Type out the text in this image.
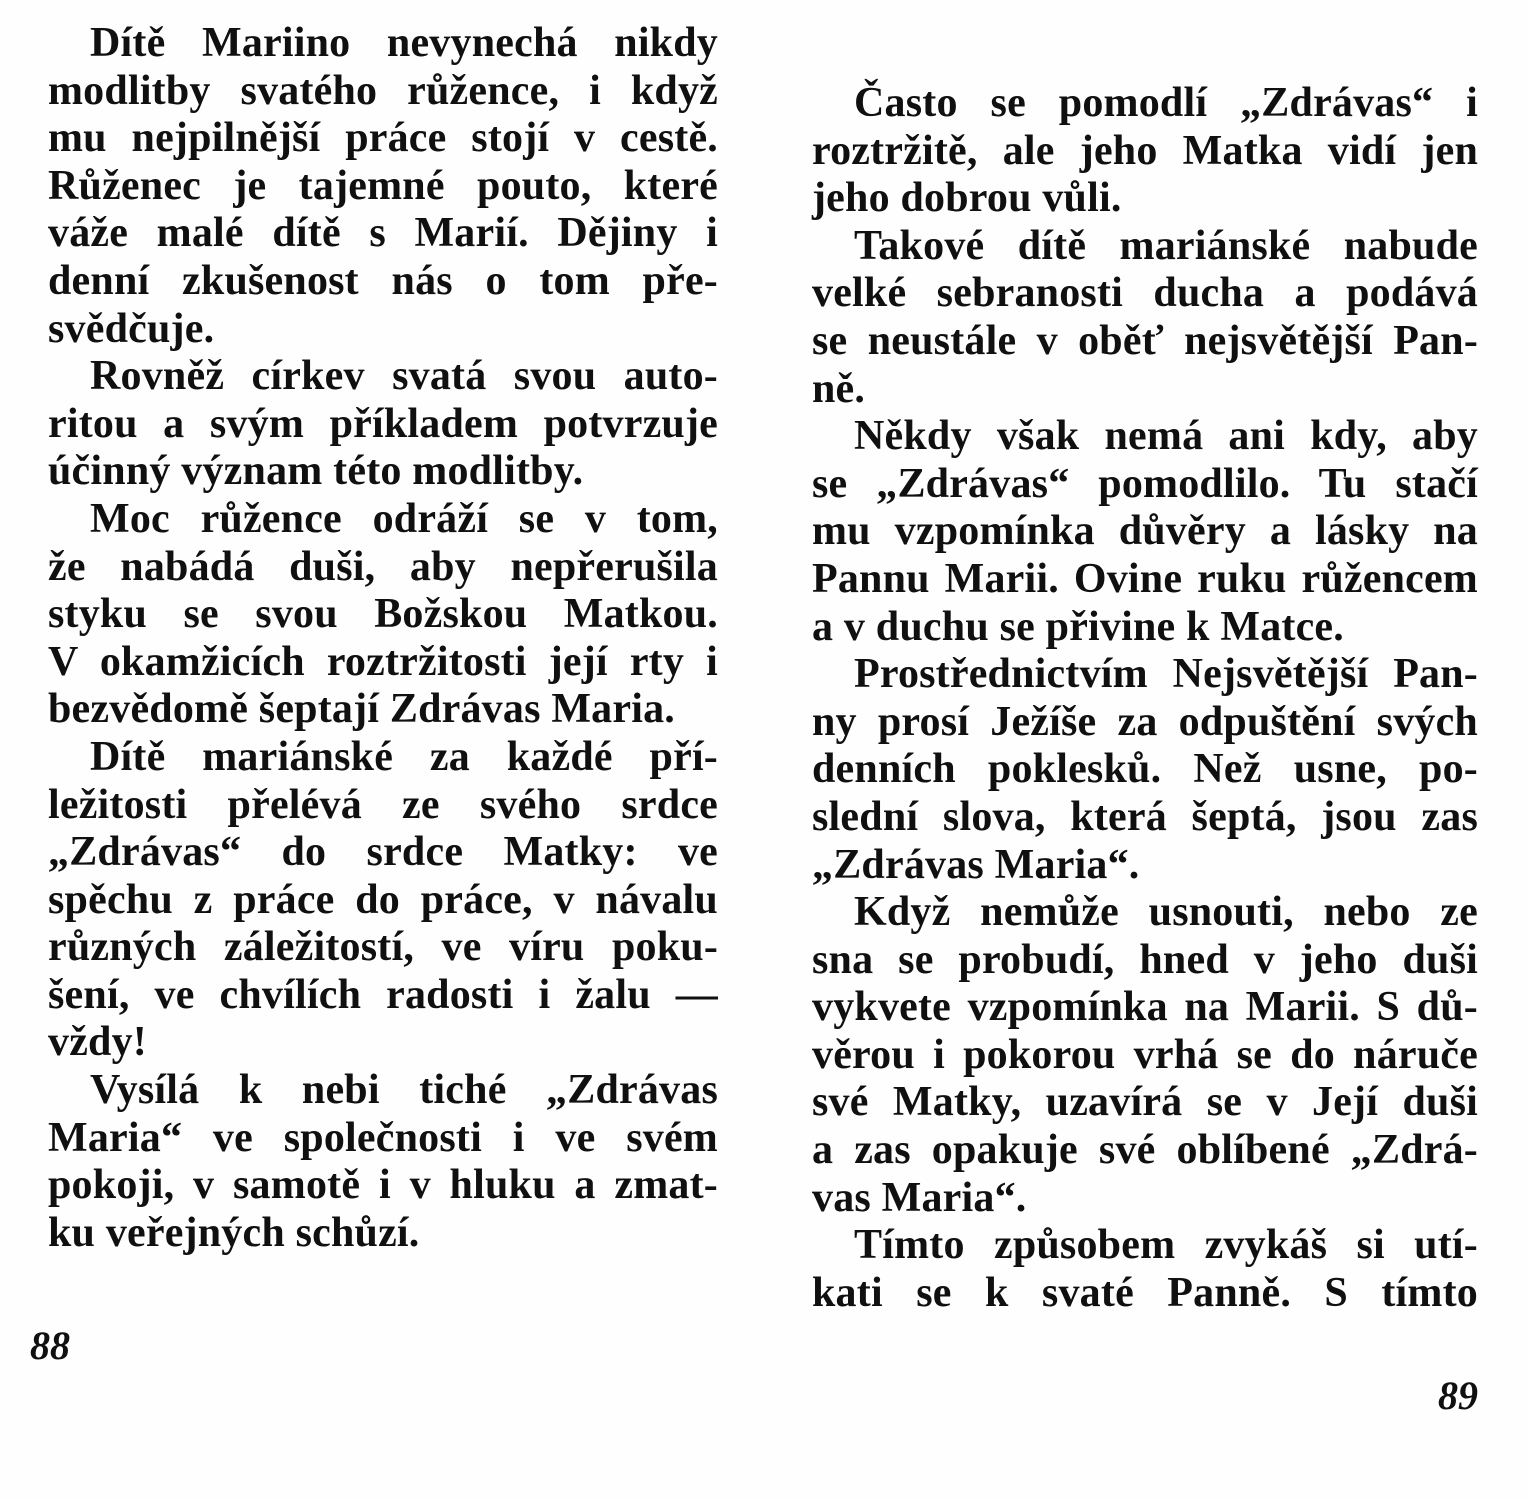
Dítě Mariino nevynechá nikdy
modlitby svatého růžence, i když
mu nejpilnější práce stojí v cestě.
Růženec je tajemné pouto, které
váže malé dítě s Marií. Dějiny i
denní zkušenost nás o tom pře-
svědčuje.
Rovněž církev svatá svou auto-
ritou a svým příkladem potvrzuje
účinný význam této modlitby.
Moc růžence odráží se v tom,
že nabádá duši, aby nepřerušila
styku se svou Božskou Matkou.
V okamžicích roztržitosti její rty i
bezvědomě šeptají Zdrávas Maria.
Dítě mariánské za každé pří-
ležitosti přelévá ze svého srdce
„Zdrávas“ do srdce Matky: ve
spěchu z práce do práce, v návalu
různých záležitostí, ve víru poku-
šení, ve chvílích radosti i žalu —
vždy!
Vysílá k nebi tiché „Zdrávas
Maria“ ve společnosti i ve svém
pokoji, v samotě i v hluku a zmat-
ku veřejných schůzí.
Často se pomodlí „Zdrávas“ i
roztržitě, ale jeho Matka vidí jen
jeho dobrou vůli.
Takové dítě mariánské nabude
velké sebranosti ducha a podává
se neustále v oběť nejsvětější Pan-
ně.
Někdy však nemá ani kdy, aby
se „Zdrávas“ pomodlilo. Tu stačí
mu vzpomínka důvěry a lásky na
Pannu Marii. Ovine ruku růžencem
a v duchu se přivine k Matce.
Prostřednictvím Nejsvětější Pan-
ny prosí Ježíše za odpuštění svých
denních poklesků. Než usne, po-
slední slova, která šeptá, jsou zas
„Zdrávas Maria“.
Když nemůže usnouti, nebo ze
sna se probudí, hned v jeho duši
vykvete vzpomínka na Marii. S dů-
věrou i pokorou vrhá se do náruče
své Matky, uzavírá se v Její duši
a zas opakuje své oblíbené „Zdrá-
vas Maria“.
Tímto způsobem zvykáš si utí-
kati se k svaté Panně. S tímto
88
89
